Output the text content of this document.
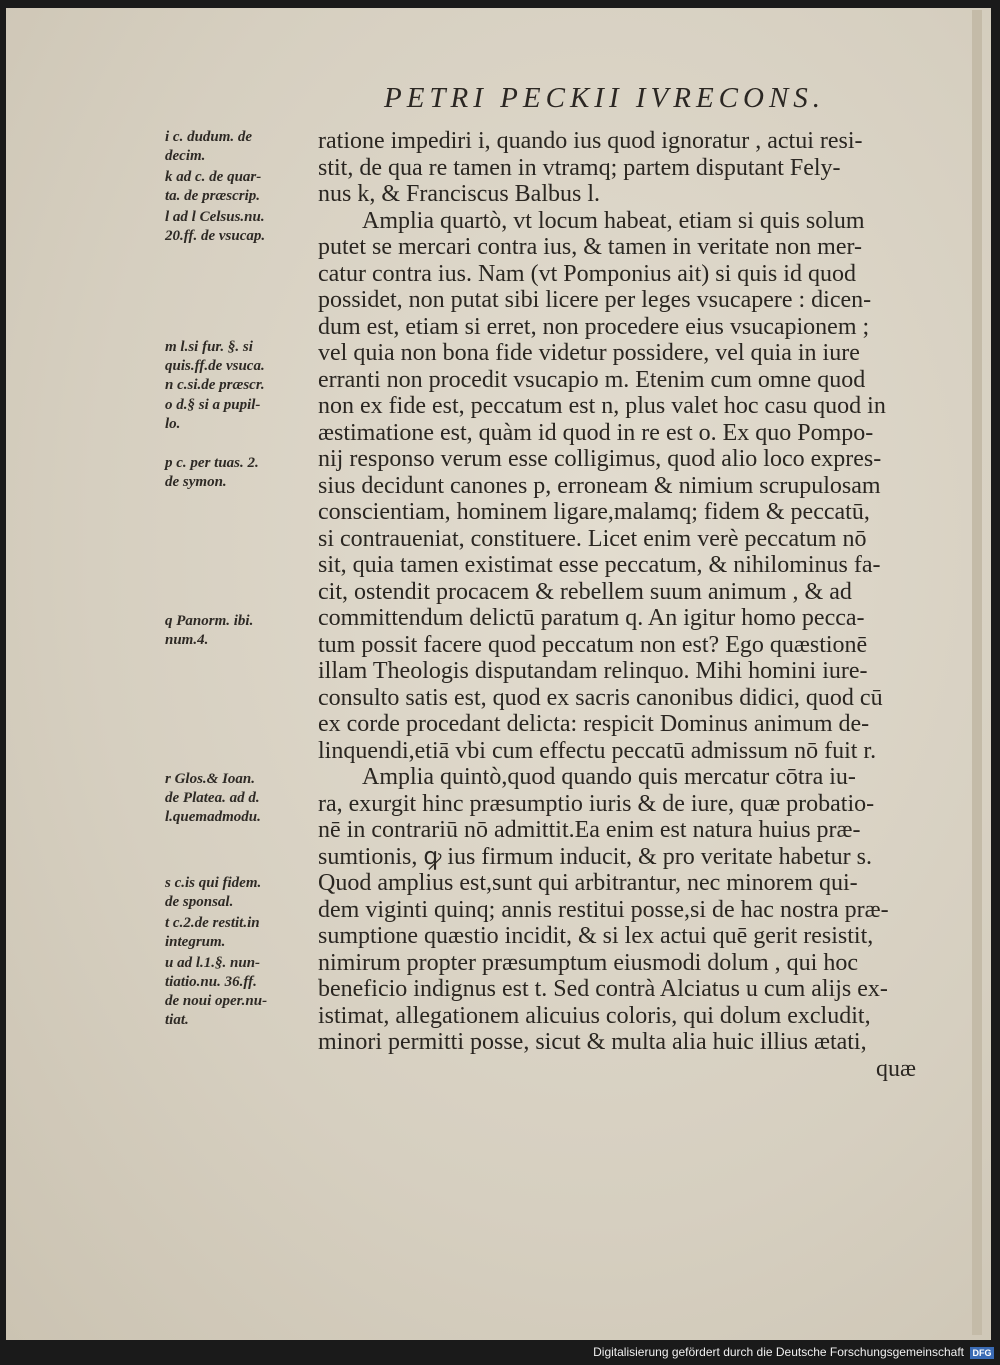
PETRI PECKII IVRECONS.
i c. dudum. de
decim.
k ad c. de quar-
ta. de præscrip.
l ad l Celsus.nu.
20.ff. de vsucap.
m l.si fur. §. si
quis.ff.de vsuca.
n c.si.de præscr.
o d.§ si a pupil-
lo.
p c. per tuas. 2.
de symon.
q Panorm. ibi.
num.4.
r Glos.& Ioan.
de Platea. ad d.
l.quemadmodu.
s c.is qui fidem.
de sponsal.
t c.2.de restit.in
integrum.
u ad l.1.§. nun-
tiatio.nu. 36.ff.
de noui oper.nu-
tiat.
ratione impediri i, quando ius quod ignoratur , actui resi-
stit, de qua re tamen in vtramq; partem disputant Fely-
nus k, & Franciscus Balbus l.
Amplia quartò, vt locum habeat, etiam si quis solum
putet se mercari contra ius, & tamen in veritate non mer-
catur contra ius. Nam (vt Pomponius ait) si quis id quod
possidet, non putat sibi licere per leges vsucapere : dicen-
dum est, etiam si erret, non procedere eius vsucapionem ;
vel quia non bona fide videtur possidere, vel quia in iure
erranti non procedit vsucapio m. Etenim cum omne quod
non ex fide est, peccatum est n, plus valet hoc casu quod in
æstimatione est, quàm id quod in re est o. Ex quo Pompo-
nij responso verum esse colligimus, quod alio loco expres-
sius decidunt canones p, erroneam & nimium scrupulosam
conscientiam, hominem ligare,malamq; fidem & peccatū,
si contraueniat, constituere. Licet enim verè peccatum nō
sit, quia tamen existimat esse peccatum, & nihilominus fa-
cit, ostendit procacem & rebellem suum animum , & ad
committendum delictū paratum q. An igitur homo pecca-
tum possit facere quod peccatum non est? Ego quæstionē
illam Theologis disputandam relinquo. Mihi homini iure-
consulto satis est, quod ex sacris canonibus didici, quod cū
ex corde procedant delicta: respicit Dominus animum de-
linquendi,etiā vbi cum effectu peccatū admissum nō fuit r.
Amplia quintò,quod quando quis mercatur cōtra iu-
ra, exurgit hinc præsumptio iuris & de iure, quæ probatio-
nē in contrariū nō admittit.Ea enim est natura huius præ-
sumtionis, ꝙ ius firmum inducit, & pro veritate habetur s.
Quod amplius est,sunt qui arbitrantur, nec minorem qui-
dem viginti quinq; annis restitui posse,si de hac nostra præ-
sumptione quæstio incidit, & si lex actui quē gerit resistit,
nimirum propter præsumptum eiusmodi dolum , qui hoc
beneficio indignus est t. Sed contrà Alciatus u cum alijs ex-
istimat, allegationem alicuius coloris, qui dolum excludit,
minori permitti posse, sicut & multa alia huic illius ætati,
quæ
Digitalisierung gefördert durch die Deutsche Forschungsgemeinschaft DFG
